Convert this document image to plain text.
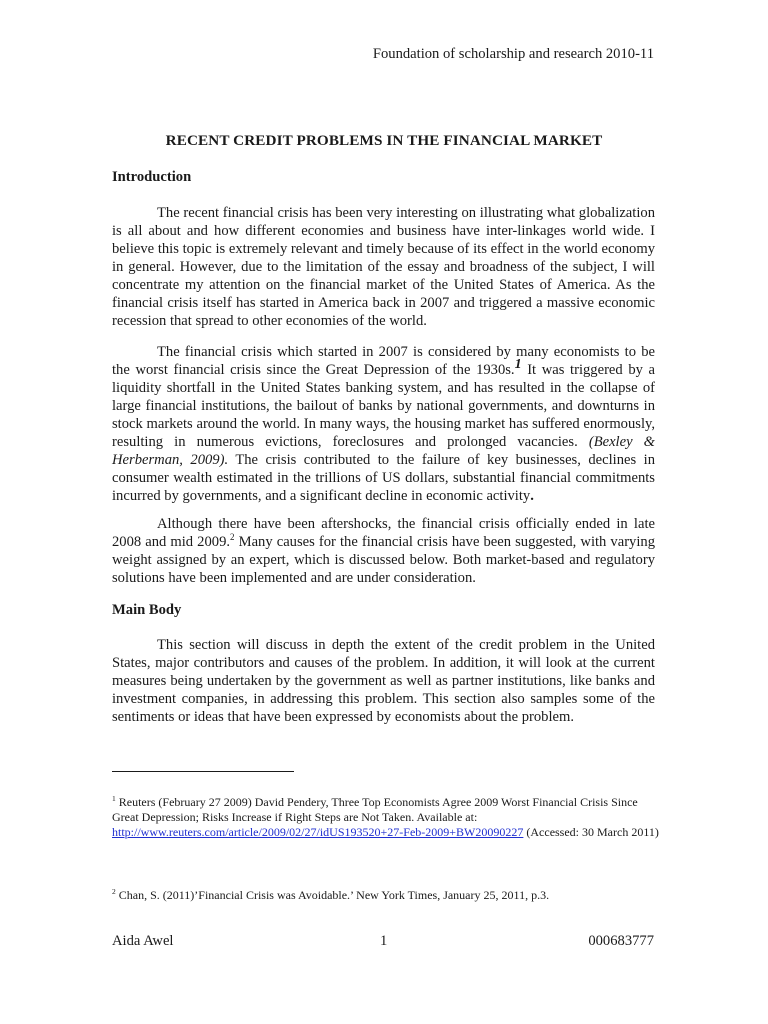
Foundation of scholarship and research 2010-11
RECENT CREDIT PROBLEMS IN THE FINANCIAL MARKET
Introduction

The recent financial crisis has been very interesting on illustrating what globalization is all about and how different economies and business have inter-linkages world wide. I believe this topic is extremely relevant and timely because of its effect in the world economy in general. However, due to the limitation of the essay and broadness of the subject, I will concentrate my attention on the financial market of the United States of America. As the financial crisis itself has started in America back in 2007 and triggered a massive economic recession that spread to other economies of the world.

The financial crisis which started in 2007 is considered by many economists to be the worst financial crisis since the Great Depression of the 1930s.1 It was triggered by a liquidity shortfall in the United States banking system, and has resulted in the collapse of large financial institutions, the bailout of banks by national governments, and downturns in stock markets around the world. In many ways, the housing market has suffered enormously, resulting in numerous evictions, foreclosures and prolonged vacancies. (Bexley & Herberman, 2009). The crisis contributed to the failure of key businesses, declines in consumer wealth estimated in the trillions of US dollars, substantial financial commitments incurred by governments, and a significant decline in economic activity.

Although there have been aftershocks, the financial crisis officially ended in late 2008 and mid 2009.$^2$ Many causes for the financial crisis have been suggested, with varying weight assigned by an expert, which is discussed below. Both market-based and regulatory solutions have been implemented and are under consideration.

Main Body

This section will discuss in depth the extent of the credit problem in the United States, major contributors and causes of the problem. In addition, it will look at the current measures being undertaken by the government as well as partner institutions, like banks and investment companies, in addressing this problem. This section also samples some of the sentiments or ideas that have been expressed by economists about the problem.

$^1$ Reuters (February 27 2009) David Pendery, Three Top Economists Agree 2009 Worst Financial Crisis Since Great Depression; Risks Increase if Right Steps are Not Taken. Available at: http://www.reuters.com/article/2009/02/27/idUS193520+27-Feb-2009+BW20090227 (Accessed: 30 March 2011)

$^2$ Chan, S. (2011)’Financial Crisis was Avoidable.’ New York Times, January 25, 2011, p.3.

Aida Awel	1	000683777
